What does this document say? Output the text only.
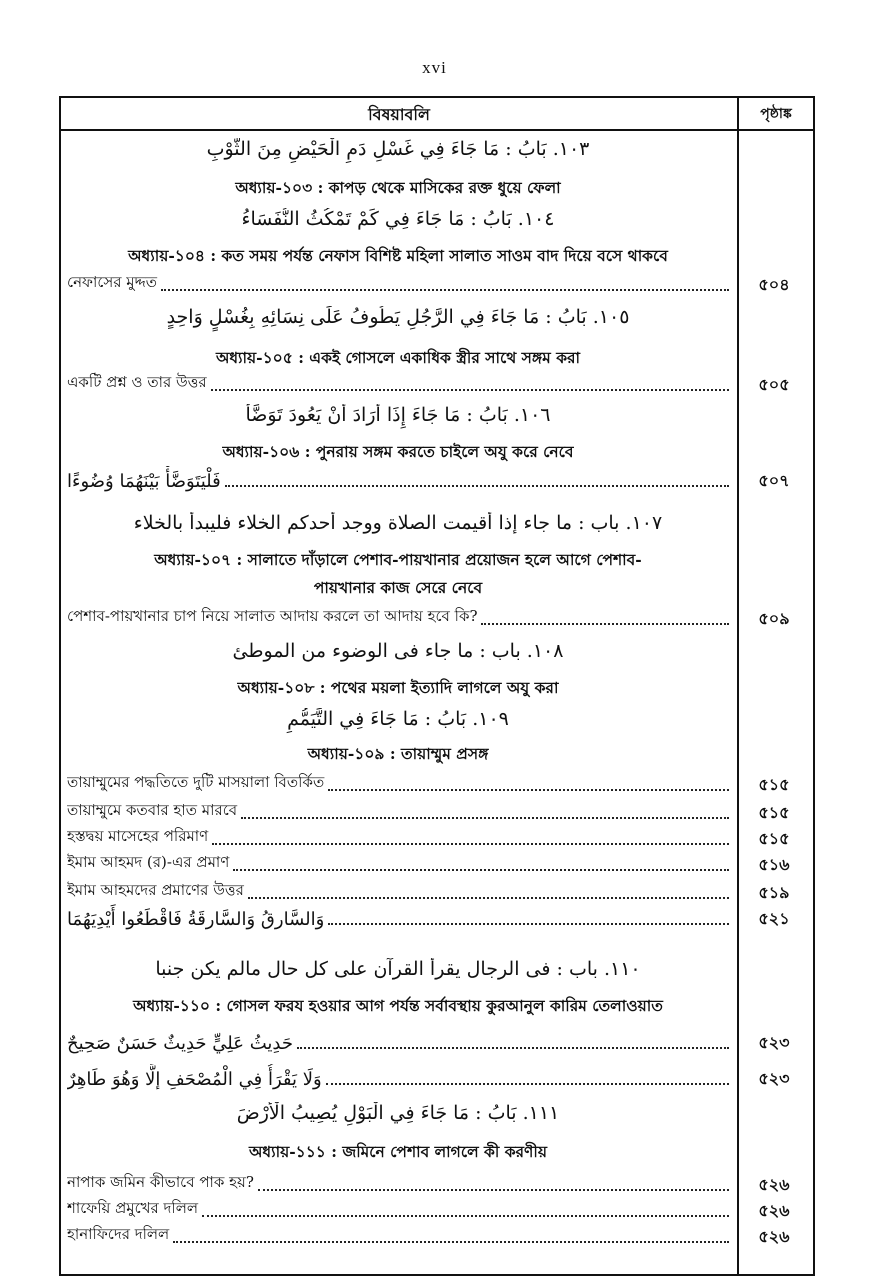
xvi
বিষয়াবলি	পৃষ্ঠাঙ্ক
١٠٣. بَابُ : مَا جَاءَ فِي غَسْلِ دَمِ الْحَيْضِ مِنَ الثَّوْبِ
অধ্যায়-১০৩ : কাপড় থেকে মাসিকের রক্ত ধুয়ে ফেলা
١٠٤. بَابُ : مَا جَاءَ فِي كَمْ تَمْكُثُ النُّفَسَاءُ
অধ্যায়-১০৪ : কত সময় পর্যন্ত নেফাস বিশিষ্ট মহিলা সালাত সাওম বাদ দিয়ে বসে থাকবে
নেফাসের মুদ্দত	৫০৪
١٠٥. بَابُ : مَا جَاءَ فِي الرَّجُلِ يَطُوفُ عَلَى نِسَائِهِ بِغُسْلٍ وَاحِدٍ
অধ্যায়-১০৫ : একই গোসলে একাধিক স্ত্রীর সাথে সঙ্গম করা
একটি প্রশ্ন ও তার উত্তর	৫০৫
١٠٦. بَابُ : مَا جَاءَ إِذَا أَرَادَ أَنْ يَعُودَ تَوَضَّأَ
অধ্যায়-১০৬ : পুনরায় সঙ্গম করতে চাইলে অযু করে নেবে
فَلْيَتَوَضَّأْ بَيْنَهُمَا وُضُوءًا	৫০৭
١٠٧. باب : ما جاء إذا أقيمت الصلاة ووجد أحدكم الخلاء فليبدأ بالخلاء
অধ্যায়-১০৭ : সালাতে দাঁড়ালে পেশাব-পায়খানার প্রয়োজন হলে আগে পেশাব-
পায়খানার কাজ সেরে নেবে
পেশাব-পায়খানার চাপ নিয়ে সালাত আদায় করলে তা আদায় হবে কি?	৫০৯
١٠٨. باب : ما جاء فى الوضوء من الموطئ
অধ্যায়-১০৮ : পথের ময়লা ইত্যাদি লাগলে অযু করা
١٠٩. بَابُ : مَا جَاءَ فِي التَّيَمُّمِ
অধ্যায়-১০৯ : তায়াম্মুম প্রসঙ্গ
তায়াম্মুমের পদ্ধতিতে দুটি মাসয়ালা বিতর্কিত	৫১৫
তায়াম্মুমে কতবার হাত মারবে	৫১৫
হস্তদ্বয় মাসেহের পরিমাণ	৫১৫
ইমাম আহমদ (র)-এর প্রমাণ	৫১৬
ইমাম আহমদের প্রমাণের উত্তর	৫১৯
وَالسَّارِقُ وَالسَّارِقَةُ فَاقْطَعُوا أَيْدِيَهُمَا	৫২১
١١٠. باب : فى الرجال يقرأ القرآن على كل حال مالم يكن جنبا
অধ্যায়-১১০ : গোসল ফরয হওয়ার আগ পর্যন্ত সর্বাবস্থায় কুরআনুল কারিম তেলাওয়াত
حَدِيثُ عَلِيٍّ حَدِيثٌ حَسَنٌ صَحِيحٌ	৫২৩
وَلَا يَقْرَأُ فِي الْمُصْحَفِ إِلَّا وَهُوَ طَاهِرٌ	৫২৩
١١١. بَابُ : مَا جَاءَ فِي الْبَوْلِ يُصِيبُ الْأَرْضَ
অধ্যায়-১১১ : জমিনে পেশাব লাগলে কী করণীয়
নাপাক জমিন কীভাবে পাক হয়?	৫২৬
শাফেয়ি প্রমুখের দলিল	৫২৬
হানাফিদের দলিল	৫২৬
